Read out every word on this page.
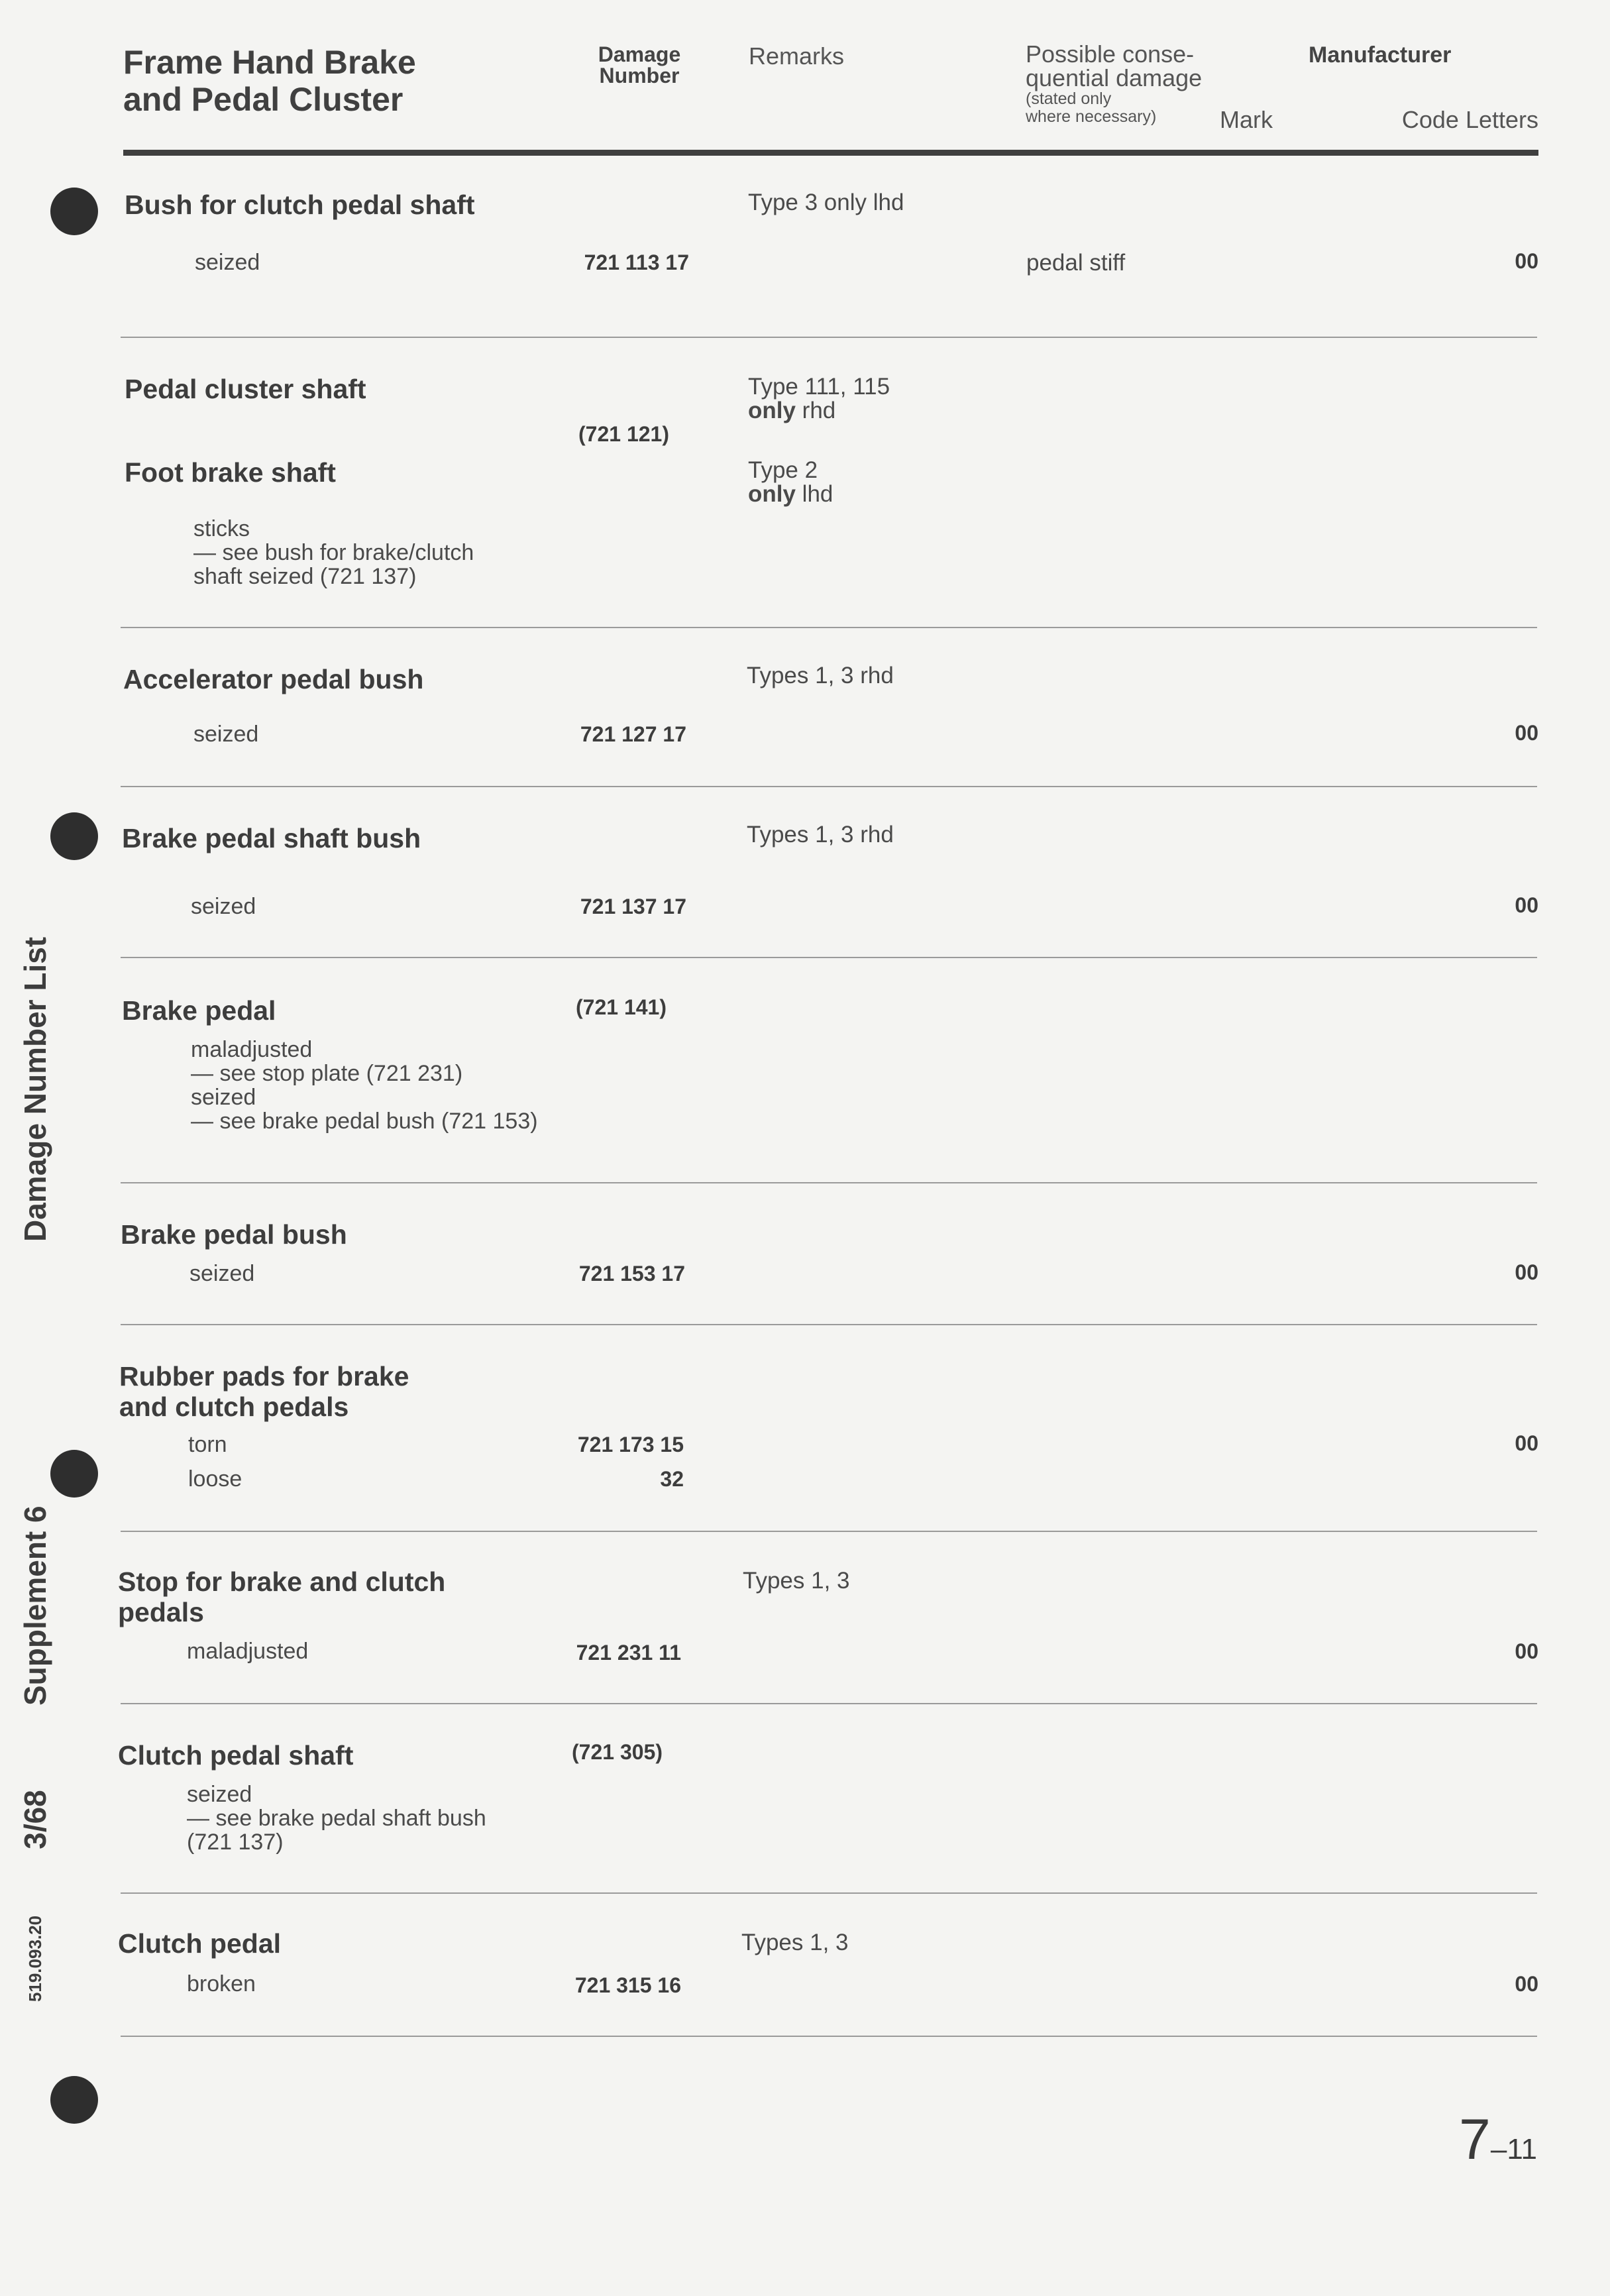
Frame Hand Brake
and Pedal Cluster
Damage
Number
Remarks	Possible conse-
quential damage
(stated only
where necessary)
Manufacturer
Mark	Code Letters
Bush for clutch pedal shaft	Type 3 only lhd
seized	721 113 17	pedal stiff	00
Pedal cluster shaft	Type 111, 115
only rhd
(721 121)
Foot brake shaft	Type 2
only lhd
sticks
— see bush for brake/clutch
shaft seized (721 137)
Accelerator pedal bush	Types 1, 3 rhd
seized	721 127 17	00
Brake pedal shaft bush	Types 1, 3 rhd
seized	721 137 17	00
Brake pedal	(721 141)
maladjusted
— see stop plate (721 231)
seized
— see brake pedal bush (721 153)
Brake pedal bush
seized	721 153 17	00
Rubber pads for brake
and clutch pedals
torn	721 173 15	00
loose	32
Stop for brake and clutch
pedals
Types 1, 3
maladjusted	721 231 11	00
Clutch pedal shaft	(721 305)
seized
— see brake pedal shaft bush
(721 137)
Clutch pedal	Types 1, 3
broken	721 315 16	00
Damage Number List
Supplement 6
3/68
519.093.20
7–11
